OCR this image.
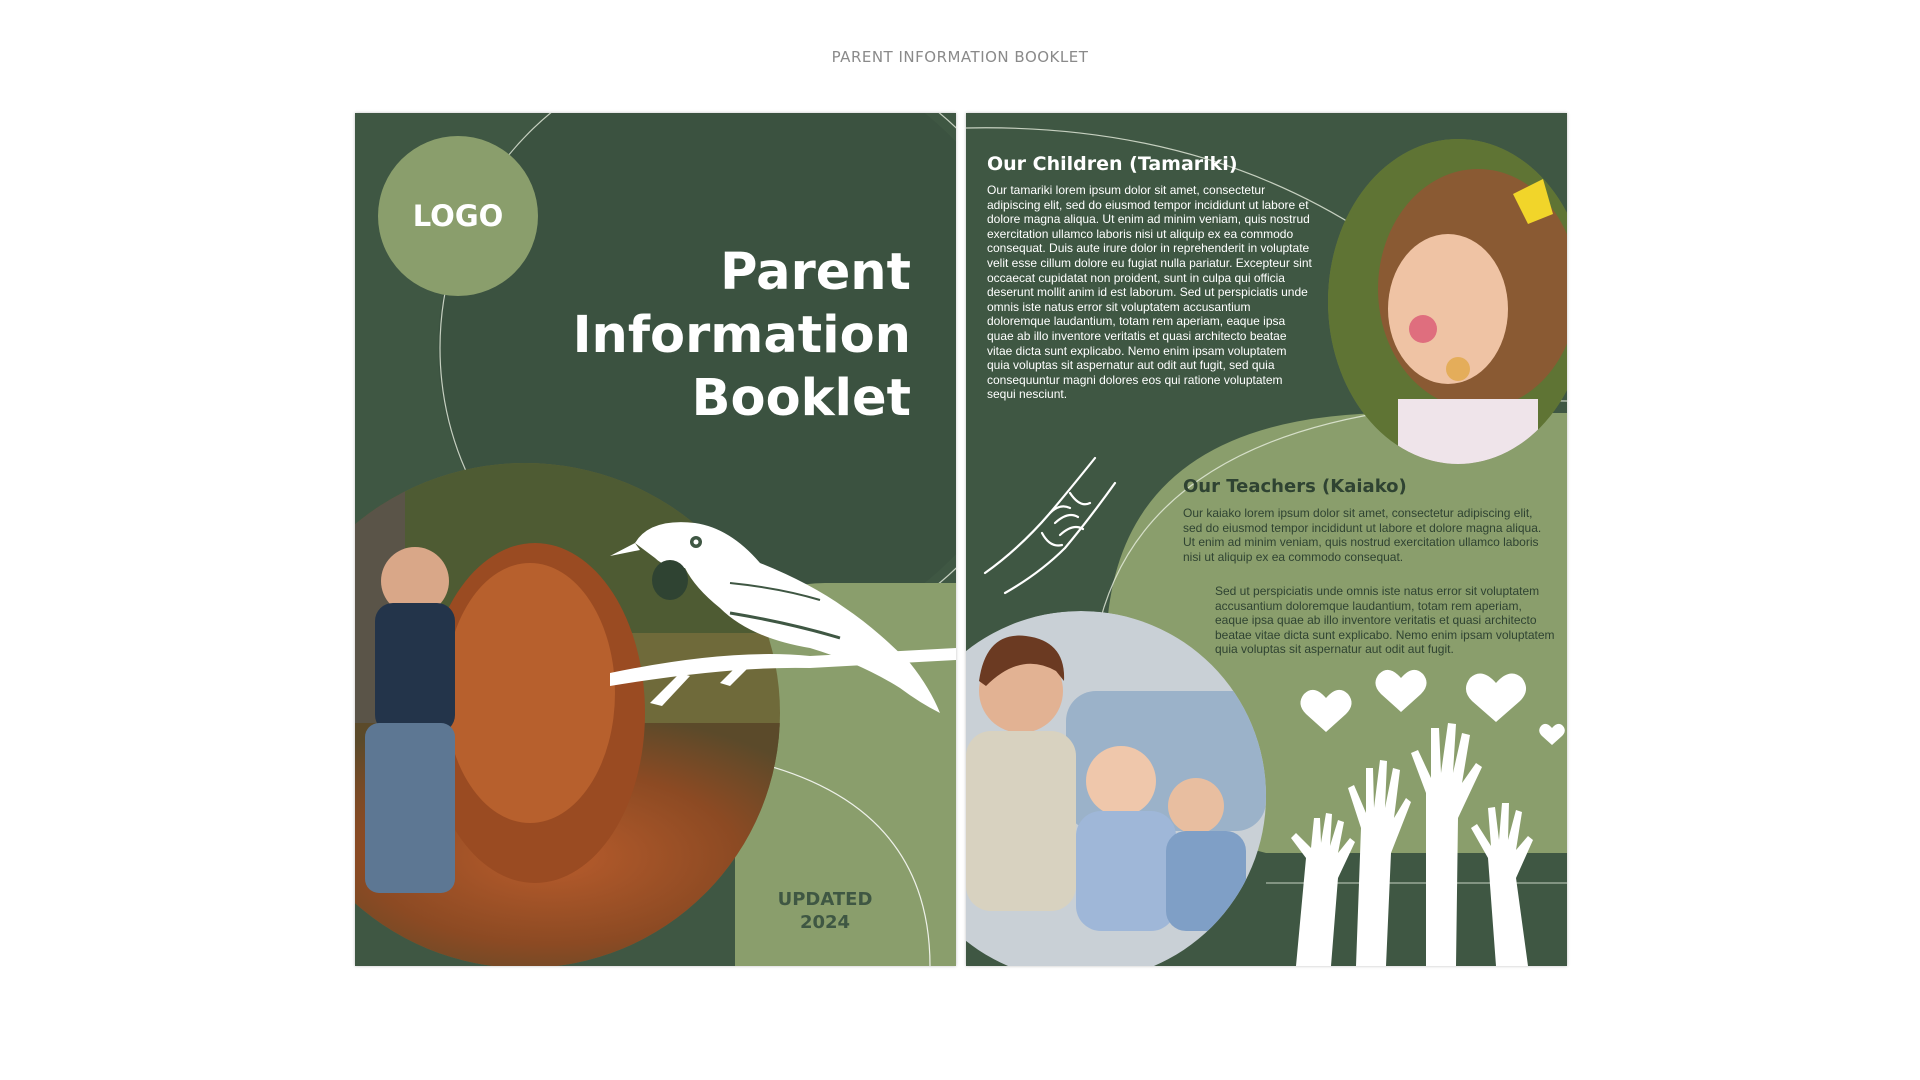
PARENT INFORMATION BOOKLET
LOGO
Parent
Information
Booklet
UPDATED
2024
Our Children (Tamariki)
Our tamariki lorem ipsum dolor sit amet, consectetur adipiscing elit, sed do eiusmod tempor incididunt ut labore et dolore magna aliqua. Ut enim ad minim veniam, quis nostrud exercitation ullamco laboris nisi ut aliquip ex ea commodo consequat. Duis aute irure dolor in reprehenderit in voluptate velit esse cillum dolore eu fugiat nulla pariatur. Excepteur sint occaecat cupidatat non proident, sunt in culpa qui officia deserunt mollit anim id est laborum. Sed ut perspiciatis unde omnis iste natus error sit voluptatem accusantium doloremque laudantium, totam rem aperiam, eaque ipsa quae ab illo inventore veritatis et quasi architecto beatae vitae dicta sunt explicabo. Nemo enim ipsam voluptatem quia voluptas sit aspernatur aut odit aut fugit, sed quia consequuntur magni dolores eos qui ratione voluptatem sequi nesciunt.
Our Teachers (Kaiako)
Our kaiako lorem ipsum dolor sit amet, consectetur adipiscing elit, sed do eiusmod tempor incididunt ut labore et dolore magna aliqua. Ut enim ad minim veniam, quis nostrud exercitation ullamco laboris nisi ut aliquip ex ea commodo consequat.
Sed ut perspiciatis unde omnis iste natus error sit voluptatem accusantium doloremque laudantium, totam rem aperiam, eaque ipsa quae ab illo inventore veritatis et quasi architecto beatae vitae dicta sunt explicabo. Nemo enim ipsam voluptatem quia voluptas sit aspernatur aut odit aut fugit.
